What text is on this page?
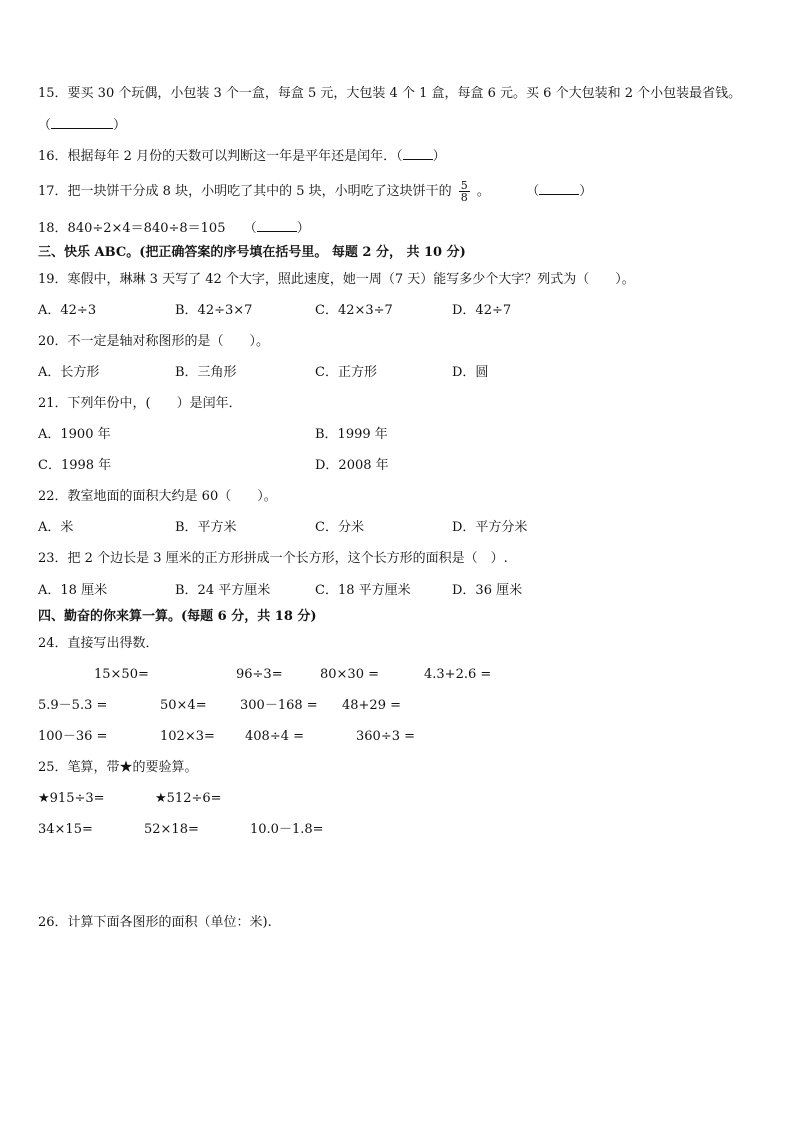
15．要买 30 个玩偶，小包装 3 个一盒，每盒 5 元，大包装 4 个 1 盒，每盒 6 元。买 6 个大包装和 2 个小包装最省钱。
（	）
16．根据每年 2 月份的天数可以判断这一年是平年还是闰年．（ ）
17．把一块饼干分成 8 块，小明吃了其中的 5 块，小明吃了这块饼干的 $\frac{5}{8}$ 。	（	）
18．840÷2×4＝840÷8＝105 （	）
三、快乐 ABC。(把正确答案的序号填在括号里。 每题 2 分， 共 10 分)
19．寒假中，琳琳 3 天写了 42 个大字，照此速度，她一周（7 天）能写多少个大字？列式为（　　）。
A．42÷3	B．42÷3×7	C．42×3÷7	D．42÷7
20．不一定是轴对称图形的是（　　）。
A．长方形	B．三角形	C．正方形	D．圆
21．下列年份中，(　　）是闰年．
A．1900 年	B．1999 年
C．1998 年	D．2008 年
22．教室地面的面积大约是 60（　　）。
A．米	B．平方米	C．分米	D．平方分米
23．把 2 个边长是 3 厘米的正方形拼成一个长方形，这个长方形的面积是（　）.
A．18 厘米	B．24 平方厘米	C．18 平方厘米	D．36 厘米
四、勤奋的你来算一算。(每题 6 分，共 18 分)
24．直接写出得数．
15×50=	96÷3=	80×30 =	4.3+2.6 =
5.9－5.3 =	50×4=	300－168 = 48+29 =
100－36 =	102×3= 408÷4 =	360÷3 =
25．笔算，带★的要验算。
★915÷3=	★512÷6=
34×15=	52×18=	10.0－1.8=
26．计算下面各图形的面积（单位：米).
